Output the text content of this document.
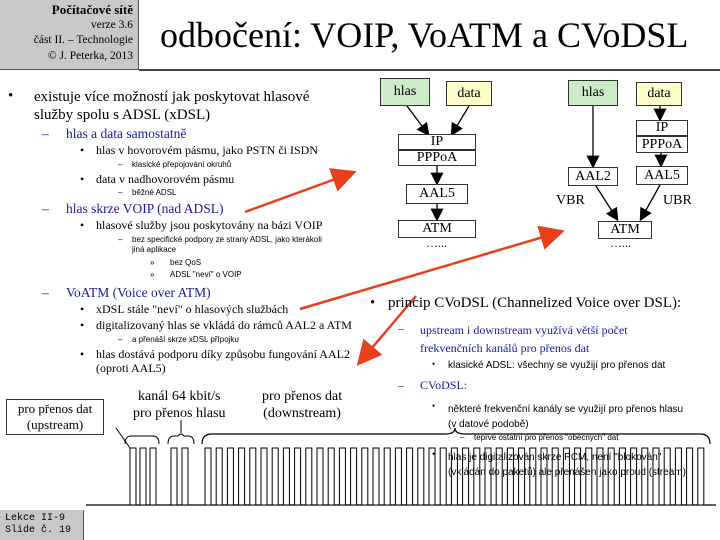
Počítačové sítě
verze 3.6
část II. – Technologie
© J. Peterka, 2013
odbočení: VOIP, VoATM a CVoDSL
• existuje více možností jak poskytovat hlasové
služby spolu s ADSL (xDSL)
– hlas a data samostatně
• hlas v hovorovém pásmu, jako PSTN či ISDN
– klasické přepojování okruhů
• data v nadhovorovém pásmu
– běžné ADSL
– hlas skrze VOIP (nad ADSL)
• hlasové služby jsou poskytovány na bázi VOIP
– bez specifické podpory ze strany ADSL, jako kterákoli
jiná aplikace
» bez QoS
» ADSL "neví" o VOIP
– VoATM (Voice over ATM)
• xDSL stále "neví" o hlasových službách
• digitalizovaný hlas se vkládá do rámců AAL2 a ATM
– a přenáší skrze xDSL přípojku
• hlas dostává podporu díky způsobu fungování AAL2
(oproti AAL5)
hlas	data
IP
PPPoA
AAL5
ATM
…...
hlas	data
IP
PPPoA
AAL2	AAL5
VBR	UBR
ATM
…...
• princip CVoDSL (Channelized Voice over DSL):
– upstream i downstream využívá větší počet
frekvenčních kanálů pro přenos dat
• klasické ADSL: všechny se využijí pro přenos dat
– CVoDSL:
• některé frekvenční kanály se využijí pro přenos hlasu
(v datové podobě)
– teprve ostatní pro přenos "obecných" dat
• hlas je digitalizován skrze PCM, není "blokován"
(vkládán do paketů) ale přenášen jako proud (stream)
pro přenos dat
(upstream)
kanál 64 kbit/s
pro přenos hlasu
pro přenos dat
(downstream)
Lekce II-9
Slide č. 19
